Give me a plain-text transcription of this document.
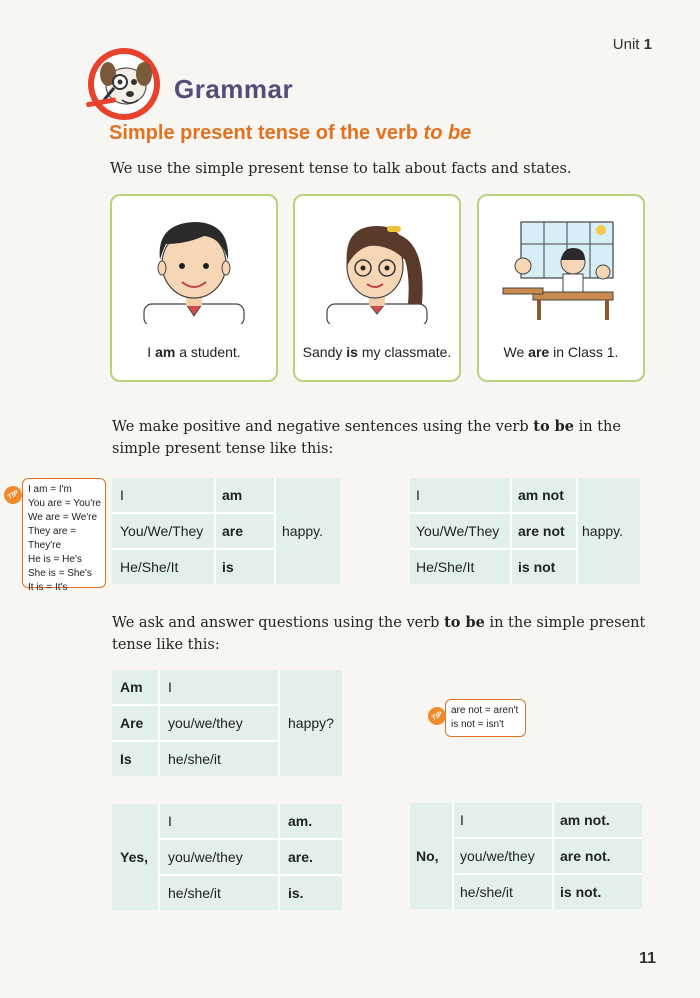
Unit 1
Grammar
Simple present tense of the verb to be
We use the simple present tense to talk about facts and states.
I am a student.	Sandy is my classmate.	We are in Class 1.
We make positive and negative sentences using the verb to be in the simple present tense like this:
I am = I'm
You are = You're
We are = We're
They are = They're
He is = He's
She is = She's
It is = It's
TIP	I	am
You/We/They are
He/She/It	is
happy.
I	am not
You/We/They are not
He/She/It	is not
happy.
We ask and answer questions using the verb to be in the simple present tense like this:
Am I
Are you/we/they
Is	he/she/it
happy?
are not = aren't
is not = isn't
TIP
Yes,
I	am.
you/we/they	are.
he/she/it	is.
No,
I	am not.
you/we/they are not.
he/she/it	is not.
11
